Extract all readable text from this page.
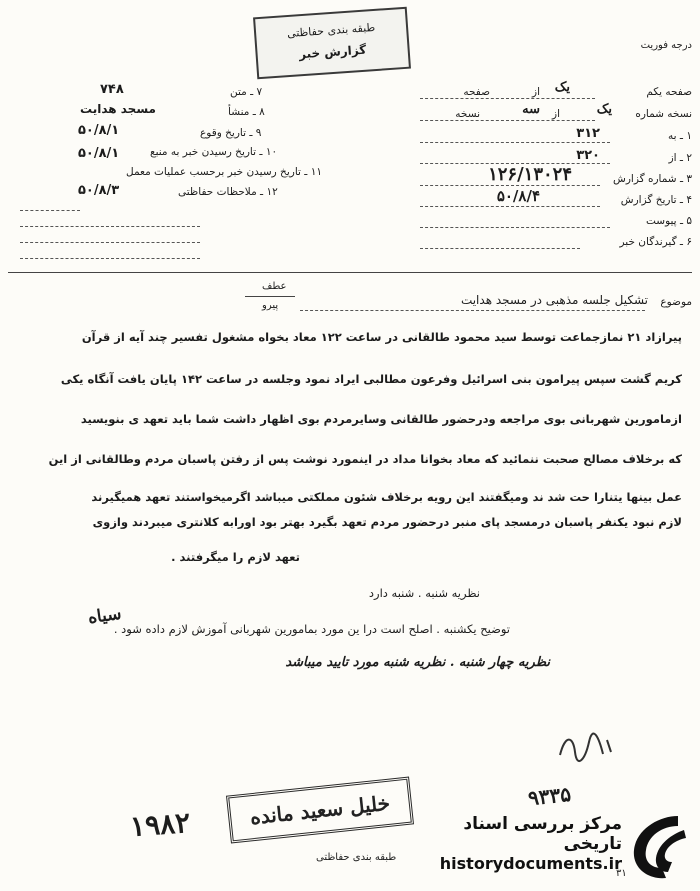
درجه فوریت
طبقه بندی حفاظتی
گزارش خبر
صفحه یکم
یک
از
صفحه
نسخه شماره
یک
از
سه
نسخه
۱ ـ به
۳۱۲
۲ ـ از
۳۲۰
۳ ـ شماره گزارش
۱۲۶/۱۳۰۲۴
۴ ـ تاریخ گزارش
۵۰/۸/۴
۵ ـ پیوست
۶ ـ گیرندگان خبر
۷ ـ متن
۷۴۸
۸ ـ منشأ
مسجد هدایت
۹ ـ تاریخ وقوع
۵۰/۸/۱
۱۰ ـ تاریخ رسیدن خبر به منبع
۵۰/۸/۱
۱۱ ـ تاریخ رسیدن خبر برحسب عملیات معمل
۵۰/۸/۳	۱۲ ـ ملاحظات حفاظتی
عطف
پیرو	موضوع
تشکیل جلسه مذهبی در مسجد هدایت
پیرازاد ۲۱ نمازجماعت توسط سید محمود طالقانی در ساعت ۱۲۲ معاد بخواه مشغول تفسیر چند آیه از قرآن
کریم گشت سپس پیرامون بنی اسرائیل وفرعون مطالبی ایراد نمود وجلسه در ساعت ۱۴۲ پایان یافت آنگاه یکی
ازمامورین شهربانی بوی مراجعه ودرحضور طالقانی وسایرمردم بوی اظهار داشت شما باید تعهد ی بنویسید
که برخلاف مصالح صحبت ننمائید که معاد بخوانا مداد در اینمورد نوشت پس از رفتن پاسبان مردم وطالقانی از این
عمل بینها یتنارا حت شد ند ومیگفتند این رویه برخلاف شئون مملکتی میباشد اگرمیخواستند تعهد همیگیرند
لازم نبود یکنفر پاسبان درمسجد پای منبر درحضور مردم تعهد بگیرد بهتر بود اورابه کلانتری میبردند وازوی
تعهد لازم را میگرفتند .
نظریه شنبه . شنبه دارد
توضیح یکشنبه . اصلح است درا ین مورد بمامورین شهربانی آموزش لازم داده شود .
سیاه
نظریه چهار شنبه . نظریه شنبه مورد تایید میباشد
۱۹۸۲	خلیل سعید مانده	۹۳۳۵
طبقه بندی حفاظتی
۳۱
مرکز بررسی اسناد تاریخی
historydocuments.ir
